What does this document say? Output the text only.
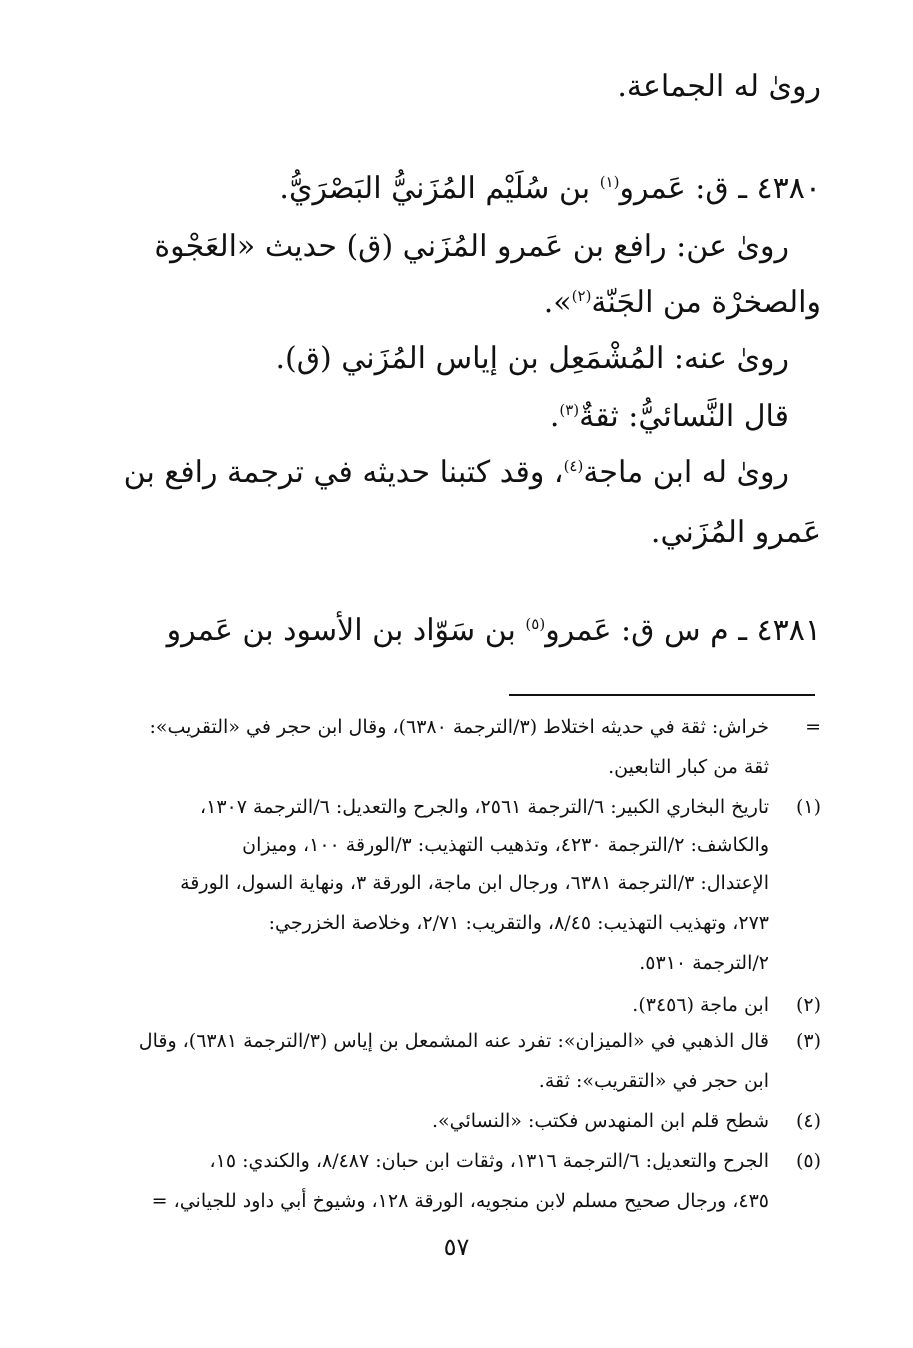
روىٰ له الجماعة.
٤٣٨٠ ـ ق: عَمرو$^{(١)}$ بن سُلَيْم المُزَنيُّ البَصْرَيُّ.
روىٰ عن: رافع بن عَمرو المُزَني (ق) حديث «العَجْوة
والصخرْة من الجَنّة$^{(٢)}$».
روىٰ عنه: المُشْمَعِل بن إياس المُزَني (ق).
قال النَّسائيُّ: ثقةٌ$^{(٣)}$.
روىٰ له ابن ماجة$^{(٤)}$، وقد كتبنا حديثه في ترجمة رافع بن
عَمرو المُزَني.
٤٣٨١ ـ م س ق: عَمرو$^{(٥)}$ بن سَوّاد بن الأسود بن عَمرو
=
خراش: ثقة في حديثه اختلاط (٣/الترجمة ٦٣٨٠)، وقال ابن حجر في «التقريب»:
ثقة من كبار التابعين.
(١)
تاريخ البخاري الكبير: ٦/الترجمة ٢٥٦١، والجرح والتعديل: ٦/الترجمة ١٣٠٧،
والكاشف: ٢/الترجمة ٤٢٣٠، وتذهيب التهذيب: ٣/الورقة ١٠٠، وميزان
الإعتدال: ٣/الترجمة ٦٣٨١، ورجال ابن ماجة، الورقة ٣، ونهاية السول، الورقة
٢٧٣، وتهذيب التهذيب: ٨/٤٥، والتقريب: ٢/٧١، وخلاصة الخزرجي:
٢/الترجمة ٥٣١٠.
(٢)
ابن ماجة (٣٤٥٦).
(٣)
قال الذهبي في «الميزان»: تفرد عنه المشمعل بن إياس (٣/الترجمة ٦٣٨١)، وقال
ابن حجر في «التقريب»: ثقة.
(٤)
شطح قلم ابن المنهدس فكتب: «النسائي».
(٥)
الجرح والتعديل: ٦/الترجمة ١٣١٦، وثقات ابن حبان: ٨/٤٨٧، والكندي: ١٥،
٤٣٥، ورجال صحيح مسلم لابن منجويه، الورقة ١٢٨، وشيوخ أبي داود للجياني، =
٥٧
